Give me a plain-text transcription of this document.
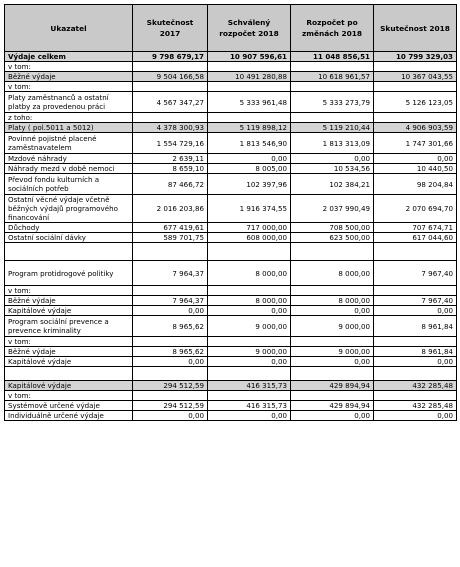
Ukazatel	Skutečnost 2017	Schválený rozpočet 2018	Rozpočet po změnách 2018	Skutečnost 2018
Výdaje celkem	9 798 679,17	10 907 596,61	11 048 856,51	10 799 329,03
v tom:				
Běžné výdaje	9 504 166,58	10 491 280,88	10 618 961,57	10 367 043,55
v tom:				
Platy zaměstnanců a ostatní platby za provedenou práci	4 567 347,27	5 333 961,48	5 333 273,79	5 126 123,05
z toho:				
Platy ( pol.5011 a 5012)	4 378 300,93	5 119 898,12	5 119 210,44	4 906 903,59
Povinné pojistné placené zaměstnavatelem	1 554 729,16	1 813 546,90	1 813 313,09	1 747 301,66
Mzdové náhrady	2 639,11	0,00	0,00	0,00
Náhrady mezd v době nemoci	8 659,10	8 005,00	10 534,56	10 440,50
Převod fondu kulturních a sociálních potřeb	87 466,72	102 397,96	102 384,21	98 204,84
Ostatní věcné výdaje včetně běžných výdajů programového financování	2 016 203,86	1 916 374,55	2 037 990,49	2 070 694,70
Důchody	677 419,61	717 000,00	708 500,00	707 674,71
Ostatní sociální dávky	589 701,75	608 000,00	623 500,00	617 044,60

Program protidrogové politiky	7 964,37	8 000,00	8 000,00	7 967,40
v tom:				
Běžné výdaje	7 964,37	8 000,00	8 000,00	7 967,40
Kapitálové výdaje	0,00	0,00	0,00	0,00
Program sociální prevence a prevence kriminality	8 965,62	9 000,00	9 000,00	8 961,84
v tom:				
Běžné výdaje	8 965,62	9 000,00	9 000,00	8 961,84
Kapitálové výdaje	0,00	0,00	0,00	0,00

Kapitálové výdaje	294 512,59	416 315,73	429 894,94	432 285,48
v tom:				
Systémově určené výdaje	294 512,59	416 315,73	429 894,94	432 285,48
Individuálně určené výdaje	0,00	0,00	0,00	0,00
